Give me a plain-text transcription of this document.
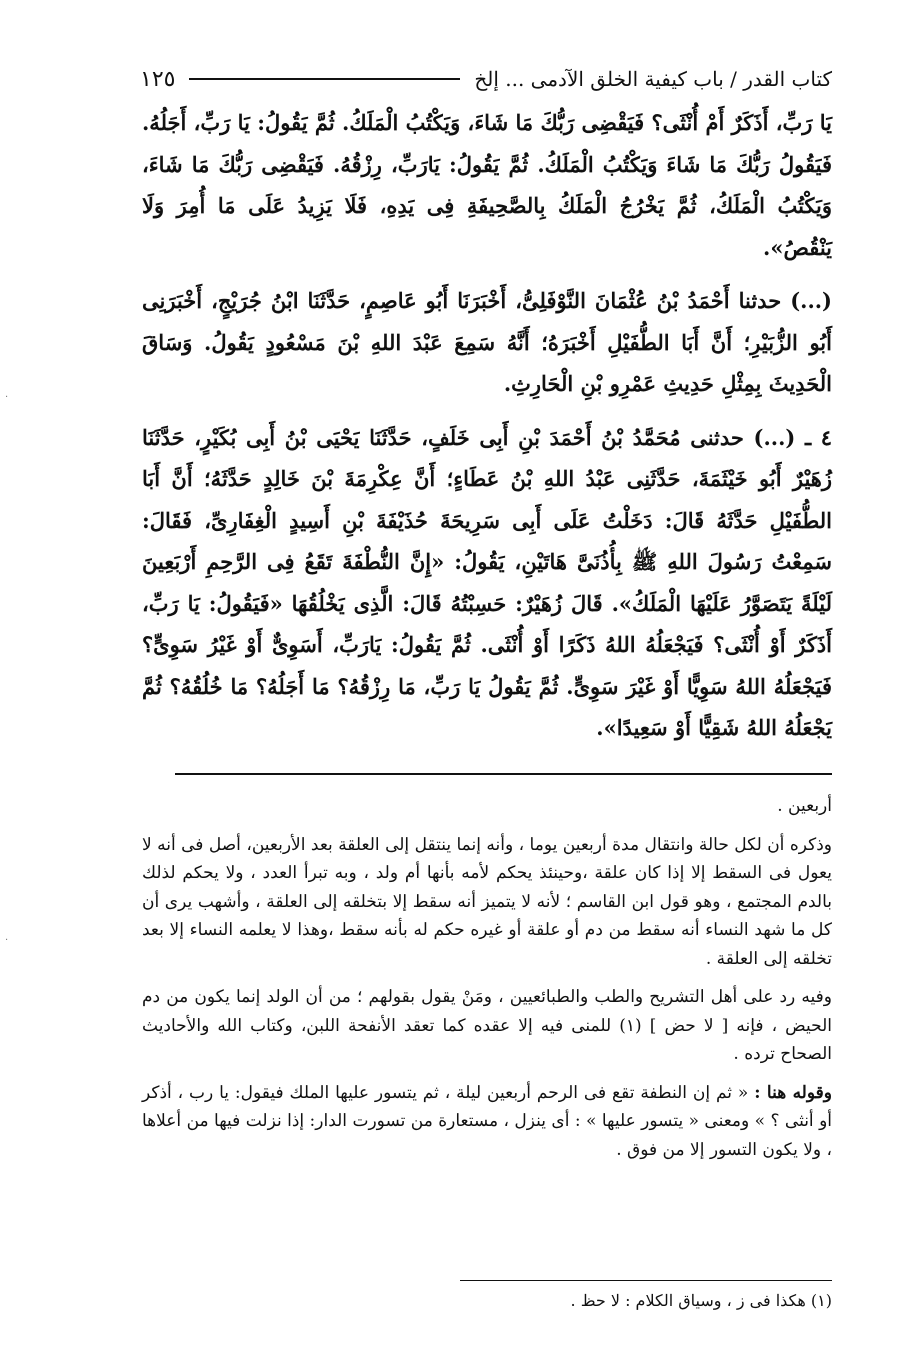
كتاب القدر / باب كيفية الخلق الآدمى ... إلخ
١٢٥

يَا رَبِّ، أَذَكَرٌ أَمْ أُنْثَى؟ فَيَقْضِى رَبُّكَ مَا شَاءَ، وَيَكْتُبُ الْمَلَكُ. ثُمَّ يَقُولُ: يَا رَبِّ، أَجَلُهُ. فَيَقُولُ رَبُّكَ مَا شَاءَ وَيَكْتُبُ الْمَلَكُ. ثُمَّ يَقُولُ: يَارَبِّ، رِزْقُهُ. فَيَقْضِى رَبُّكَ مَا شَاءَ، وَيَكْتُبُ الْمَلَكُ، ثُمَّ يَخْرُجُ الْمَلَكُ بِالصَّحِيفَةِ فِى يَدِهِ، فَلَا يَزِيدُ عَلَى مَا أُمِرَ وَلَا يَنْقُصُ».

(...) حدثنا أَحْمَدُ بْنُ عُثْمَانَ النَّوْفَلِىُّ، أَخْبَرَنَا أَبُو عَاصِمٍ، حَدَّثَنَا ابْنُ جُرَيْجٍ، أَخْبَرَنِى أَبُو الزُّبَيْرِ؛ أَنَّ أَبَا الطُّفَيْلِ أَخْبَرَهُ؛ أَنَّهُ سَمِعَ عَبْدَ اللهِ بْنَ مَسْعُودٍ يَقُولُ. وَسَاقَ الْحَدِيثَ بِمِثْلِ حَدِيثِ عَمْرِو بْنِ الْحَارِثِ.

٤ ـ (...) حدثنى مُحَمَّدُ بْنُ أَحْمَدَ بْنِ أَبِى خَلَفٍ، حَدَّثَنَا يَحْيَى بْنُ أَبِى بُكَيْرٍ، حَدَّثَنَا زُهَيْرٌ أَبُو خَيْثَمَةَ، حَدَّثَنِى عَبْدُ اللهِ بْنُ عَطَاءٍ؛ أَنَّ عِكْرِمَةَ بْنَ خَالِدٍ حَدَّثَهُ؛ أَنَّ أَبَا الطُّفَيْلِ حَدَّثَهُ قَالَ: دَخَلْتُ عَلَى أَبِى سَرِيحَةَ حُذَيْفَةَ بْنِ أَسِيدٍ الْغِفَارِىِّ، فَقَالَ: سَمِعْتُ رَسُولَ اللهِ ﷺ بِأُذُنَىَّ هَاتَيْنِ، يَقُولُ: «إِنَّ النُّطْفَةَ تَقَعُ فِى الرَّحِمِ أَرْبَعِينَ لَيْلَةً يَتَصَوَّرُ عَلَيْهَا الْمَلَكُ». قَالَ زُهَيْرٌ: حَسِبْتُهُ قَالَ: الَّذِى يَخْلُقُهَا «فَيَقُولُ: يَا رَبِّ، أَذَكَرٌ أَوْ أُنْثَى؟ فَيَجْعَلُهُ اللهُ ذَكَرًا أَوْ أُنْثَى. ثُمَّ يَقُولُ: يَارَبِّ، أَسَوِىٌّ أَوْ غَيْرُ سَوِىٍّ؟ فَيَجْعَلُهُ اللهُ سَوِيًّا أَوْ غَيْرَ سَوِىٍّ. ثُمَّ يَقُولُ يَا رَبِّ، مَا رِزْقُهُ؟ مَا أَجَلُهُ؟ مَا خُلُقُهُ؟ ثُمَّ يَجْعَلُهُ اللهُ شَقِيًّا أَوْ سَعِيدًا».

أربعين .

وذكره أن لكل حالة وانتقال مدة أربعين يوما ، وأنه إنما ينتقل إلى العلقة بعد الأربعين، أصل فى أنه لا يعول فى السقط إلا إذا كان علقة ،وحينئذ يحكم لأمه بأنها أم ولد ، وبه تبرأ العدد ، ولا يحكم لذلك بالدم المجتمع ، وهو قول ابن القاسم ؛ لأنه لا يتميز أنه سقط إلا بتخلقه إلى العلقة ، وأشهب يرى أن كل ما شهد النساء أنه سقط من دم أو علقة أو غيره حكم له بأنه سقط ،وهذا لا يعلمه النساء إلا بعد تخلقه إلى العلقة .

وفيه رد على أهل التشريح والطب والطبائعيين ، ومَنْ يقول بقولهم ؛ من أن الولد إنما يكون من دم الحيض ، فإنه [ لا حض ] (١) للمنى فيه إلا عقده كما تعقد الأنفحة اللبن، وكتاب الله والأحاديث الصحاح ترده .

وقوله هنا : « ثم إن النطفة تقع فى الرحم أربعين ليلة ، ثم يتسور عليها الملك فيقول: يا رب ، أذكر أو أنثى ؟ » ومعنى « يتسور عليها » : أى ينزل ، مستعارة من تسورت الدار: إذا نزلت فيها من أعلاها ، ولا يكون التسور إلا من فوق .

(١) هكذا فى ز ، وسياق الكلام : لا حظ .
·
·
